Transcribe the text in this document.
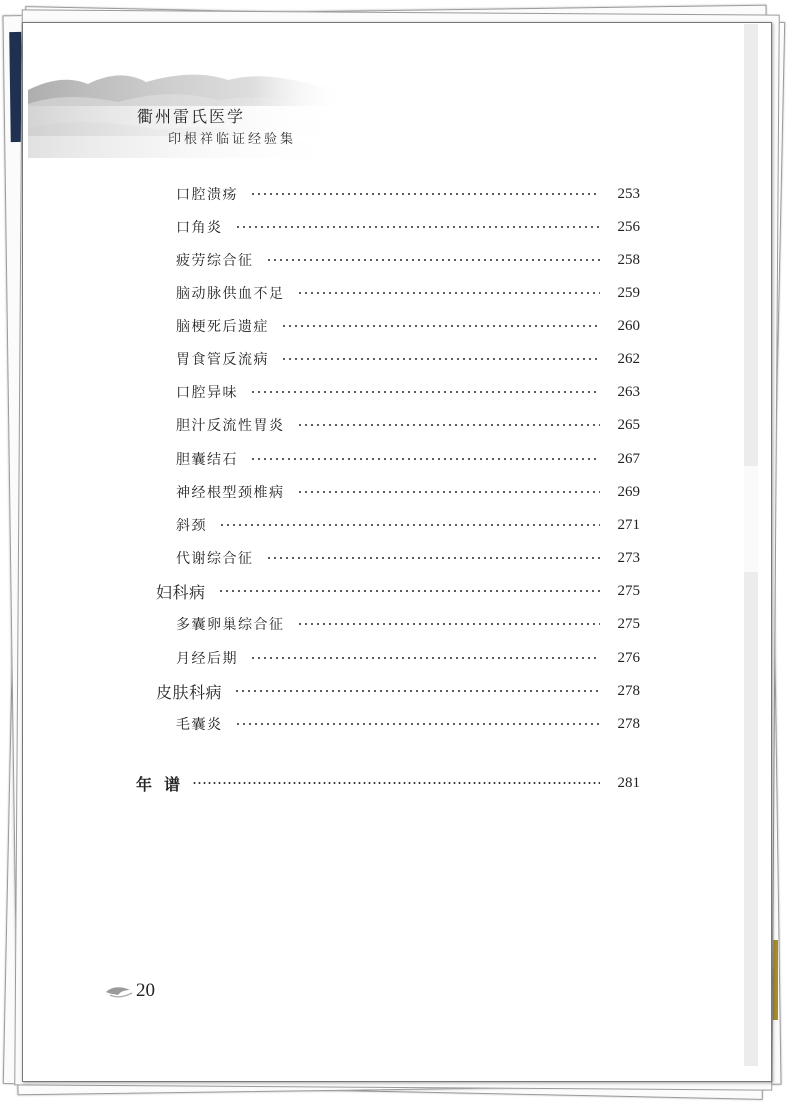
衢州雷氏医学
印根祥临证经验集
口腔溃疡	253
口角炎	256
疲劳综合征	258
脑动脉供血不足	259
脑梗死后遗症	260
胃食管反流病	262
口腔异味	263
胆汁反流性胃炎	265
胆囊结石	267
神经根型颈椎病	269
斜颈	271
代谢综合征	273
妇科病	275
多囊卵巢综合征	275
月经后期	276
皮肤科病	278
毛囊炎	278
年谱	281
20
